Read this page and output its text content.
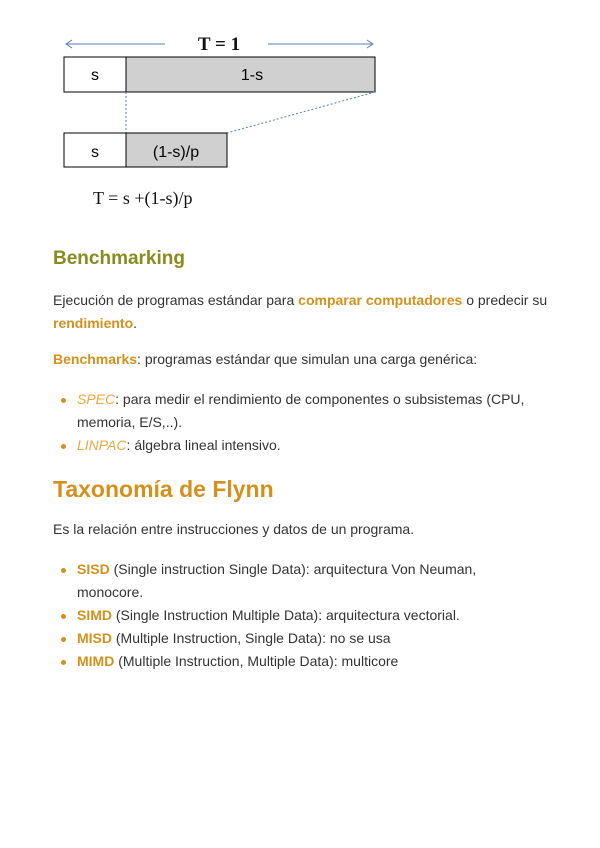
T = 1
s	1-s
s	(1-s)/p
T = s +(1-s)/p
Benchmarking

Ejecución de programas estándar para comparar computadores o predecir su rendimiento.

Benchmarks: programas estándar que simulan una carga genérica:

SPEC: para medir el rendimiento de componentes o subsistemas (CPU, memoria, E/S,..).
LINPAC: álgebra lineal intensivo.
Taxonomía de Flynn

Es la relación entre instrucciones y datos de un programa.

SISD (Single instruction Single Data): arquitectura Von Neuman, monocore.
SIMD (Single Instruction Multiple Data): arquitectura vectorial.
MISD (Multiple Instruction, Single Data): no se usa
MIMD (Multiple Instruction, Multiple Data): multicore
